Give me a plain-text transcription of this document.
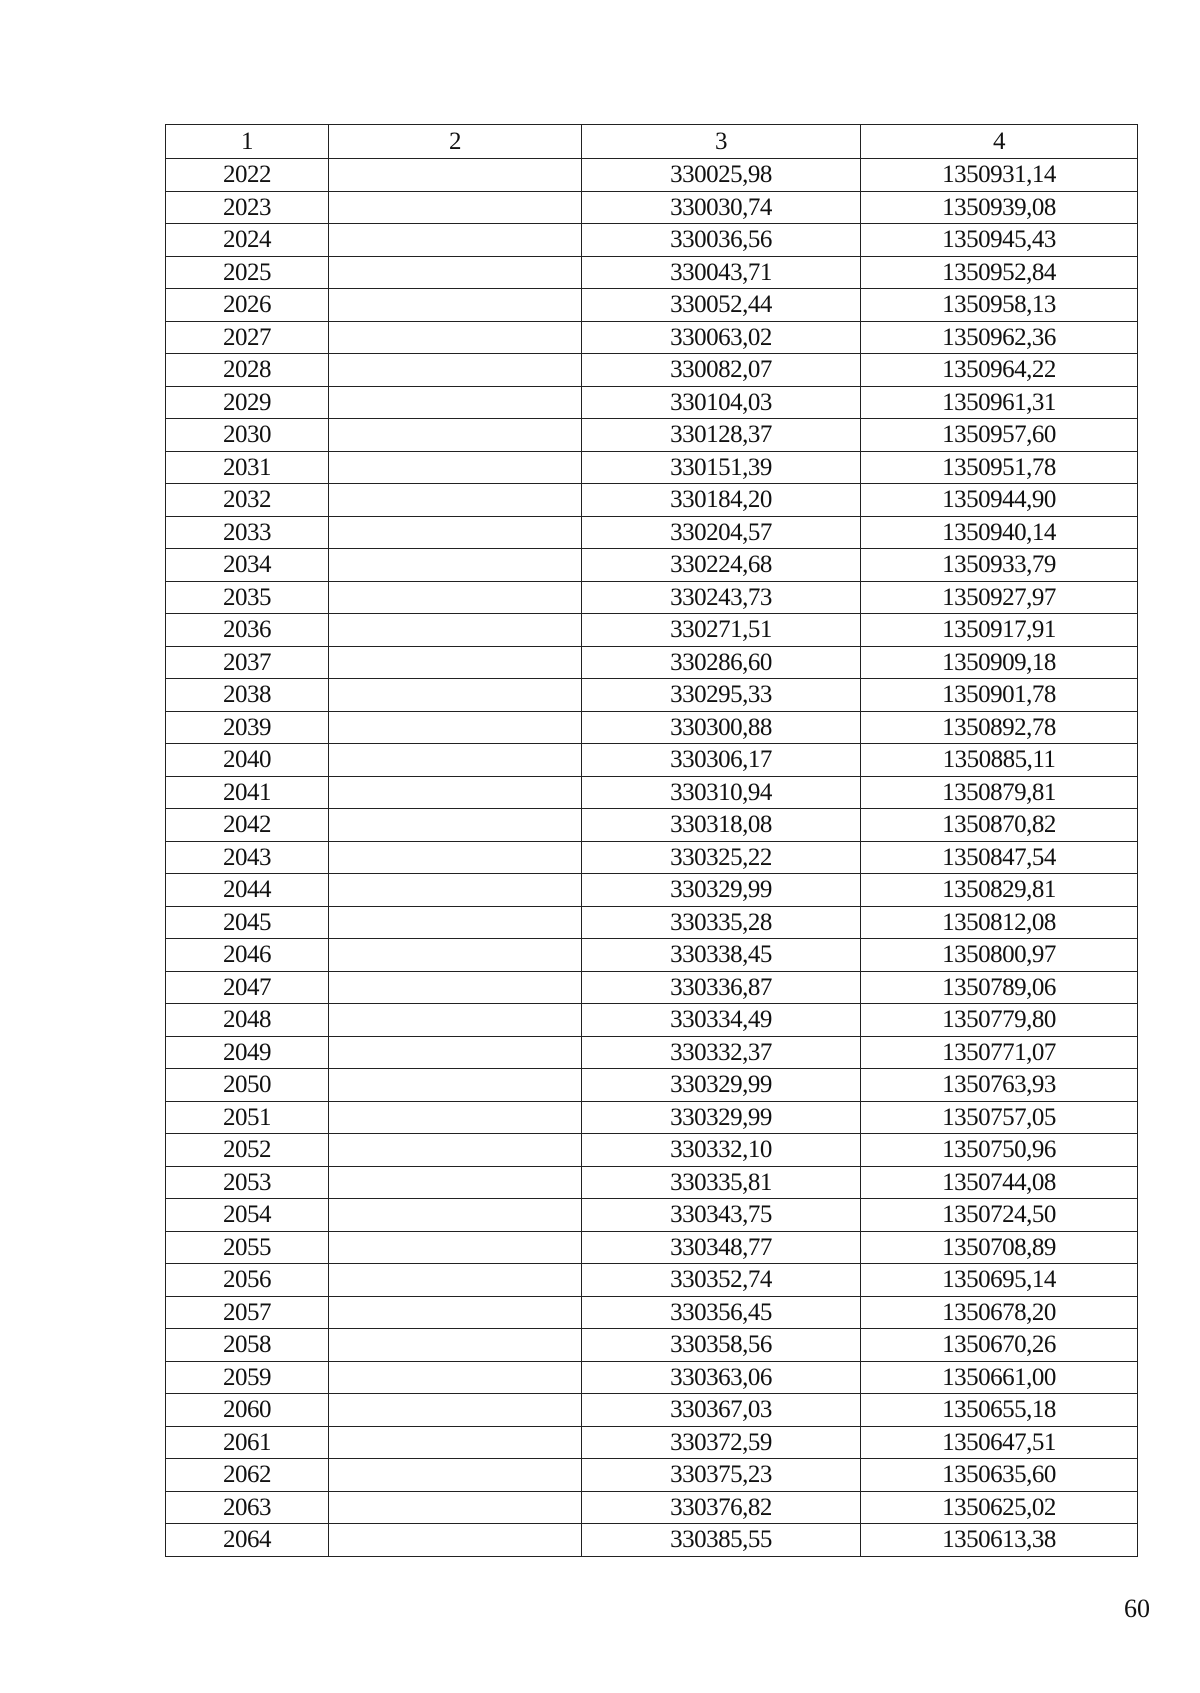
1	2	3	4
2022		330025,98	1350931,14
2023		330030,74	1350939,08
2024		330036,56	1350945,43
2025		330043,71	1350952,84
2026		330052,44	1350958,13
2027		330063,02	1350962,36
2028		330082,07	1350964,22
2029		330104,03	1350961,31
2030		330128,37	1350957,60
2031		330151,39	1350951,78
2032		330184,20	1350944,90
2033		330204,57	1350940,14
2034		330224,68	1350933,79
2035		330243,73	1350927,97
2036		330271,51	1350917,91
2037		330286,60	1350909,18
2038		330295,33	1350901,78
2039		330300,88	1350892,78
2040		330306,17	1350885,11
2041		330310,94	1350879,81
2042		330318,08	1350870,82
2043		330325,22	1350847,54
2044		330329,99	1350829,81
2045		330335,28	1350812,08
2046		330338,45	1350800,97
2047		330336,87	1350789,06
2048		330334,49	1350779,80
2049		330332,37	1350771,07
2050		330329,99	1350763,93
2051		330329,99	1350757,05
2052		330332,10	1350750,96
2053		330335,81	1350744,08
2054		330343,75	1350724,50
2055		330348,77	1350708,89
2056		330352,74	1350695,14
2057		330356,45	1350678,20
2058		330358,56	1350670,26
2059		330363,06	1350661,00
2060		330367,03	1350655,18
2061		330372,59	1350647,51
2062		330375,23	1350635,60
2063		330376,82	1350625,02
2064		330385,55	1350613,38
60
